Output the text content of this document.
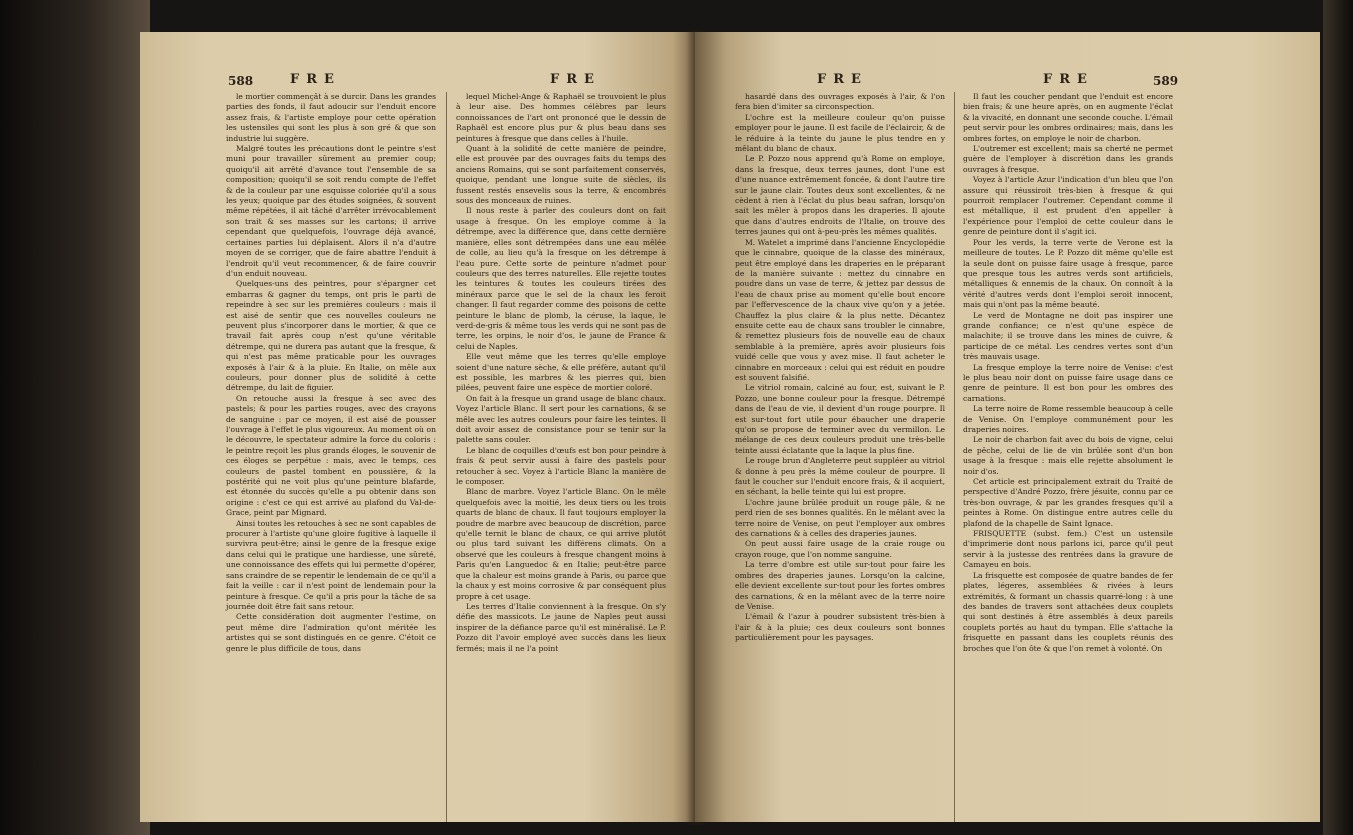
588	FRE	FRE

le mortier commençât à se durcir. Dans les grandes parties des fonds, il faut adoucir sur l'enduit encore assez frais, & l'artiste employe pour cette opération les ustensiles qui sont les plus à son gré & que son industrie lui suggère.

Malgré toutes les précautions dont le peintre s'est muni pour travailler sûrement au premier coup; quoiqu'il ait arrêté d'avance tout l'ensemble de sa composition; quoiqu'il se soit rendu compte de l'effet & de la couleur par une esquisse coloriée qu'il a sous les yeux; quoique par des études soignées, & souvent même répétées, il ait tâché d'arrêter irrévocablement son trait & ses masses sur les cartons; il arrive cependant que quelquefois, l'ouvrage déjà avancé, certaines parties lui déplaisent. Alors il n'a d'autre moyen de se corriger, que de faire abattre l'enduit à l'endroit qu'il veut recommencer, & de faire couvrir d'un enduit nouveau.

Quelques-uns des peintres, pour s'épargner cet embarras & gagner du temps, ont pris le parti de repeindre à sec sur les premières couleurs : mais il est aisé de sentir que ces nouvelles couleurs ne peuvent plus s'incorporer dans le mortier, & que ce travail fait après coup n'est qu'une véritable détrempe, qui ne durera pas autant que la fresque, & qui n'est pas même praticable pour les ouvrages exposés à l'air & à la pluie. En Italie, on mêle aux couleurs, pour donner plus de solidité à cette détrempe, du lait de figuier.

On retouche aussi la fresque à sec avec des pastels; & pour les parties rouges, avec des crayons de sanguine : par ce moyen, il est aisé de pousser l'ouvrage à l'effet le plus vigoureux. Au moment où on le découvre, le spectateur admire la force du coloris : le peintre reçoit les plus grands éloges, le souvenir de ces éloges se perpétue : mais, avec le temps, ces couleurs de pastel tombent en poussière, & la postérité qui ne voit plus qu'une peinture blafarde, est étonnée du succès qu'elle a pu obtenir dans son origine : c'est ce qui est arrivé au plafond du Val-de-Grace, peint par Mignard.

Ainsi toutes les retouches à sec ne sont capables de procurer à l'artiste qu'une gloire fugitive à laquelle il survivra peut-être; ainsi le genre de la fresque exige dans celui qui le pratique une hardiesse, une sûreté, une connoissance des effets qui lui permette d'opérer, sans craindre de se repentir le lendemain de ce qu'il a fait la veille : car il n'est point de lendemain pour la peinture à fresque. Ce qu'il a pris pour la tâche de sa journée doit être fait sans retour.

Cette considération doit augmenter l'estime, on peut même dire l'admiration qu'ont méritée les artistes qui se sont distingués en ce genre. C'étoit ce genre le plus difficile de tous, dans

lequel Michel-Ange & Raphaël se trouvoient le plus à leur aise. Des hommes célèbres par leurs connoissances de l'art ont prononcé que le dessin de Raphaël est encore plus pur & plus beau dans ses peintures à fresque que dans celles à l'huile.

Quant à la solidité de cette manière de peindre, elle est prouvée par des ouvrages faits du temps des anciens Romains, qui se sont parfaitement conservés, quoique, pendant une longue suite de siècles, ils fussent restés ensevelis sous la terre, & encombrés sous des monceaux de ruines.

Il nous reste à parler des couleurs dont on fait usage à fresque. On les employe comme à la détrempe, avec la différence que, dans cette dernière manière, elles sont détrempées dans une eau mêlée de colle, au lieu qu'à la fresque on les détrempe à l'eau pure. Cette sorte de peinture n'admet pour couleurs que des terres naturelles. Elle rejette toutes les teintures & toutes les couleurs tirées des minéraux parce que le sel de la chaux les feroit changer. Il faut regarder comme des poisons de cette peinture le blanc de plomb, la céruse, la laque, le verd-de-gris & même tous les verds qui ne sont pas de terre, les orpins, le noir d'os, le jaune de France & celui de Naples.

Elle veut même que les terres qu'elle employe soient d'une nature sèche, & elle préfère, autant qu'il est possible, les marbres & les pierres qui, bien pilées, peuvent faire une espèce de mortier coloré.

On fait à la fresque un grand usage de blanc chaux. Voyez l'article Blanc. Il sert pour les carnations, & se mêle avec les autres couleurs pour faire les teintes. Il doit avoir assez de consistance pour se tenir sur la palette sans couler.

Le blanc de coquilles d'œufs est bon pour peindre à frais & peut servir aussi à faire des pastels pour retoucher à sec. Voyez à l'article Blanc la manière de le composer.

Blanc de marbre. Voyez l'article Blanc. On le mêle quelquefois avec la moitié, les deux tiers ou les trois quarts de blanc de chaux. Il faut toujours employer la poudre de marbre avec beaucoup de discrétion, parce qu'elle ternit le blanc de chaux, ce qui arrive plutôt ou plus tard suivant les différens climats. On a observé que les couleurs à fresque changent moins à Paris qu'en Languedoc & en Italie; peut-être parce que la chaleur est moins grande à Paris, ou parce que la chaux y est moins corrosive & par conséquent plus propre à cet usage.

Les terres d'Italie conviennent à la fresque. On s'y défie des massicots. Le jaune de Naples peut aussi inspirer de la défiance parce qu'il est minéralisé. Le P. Pozzo dit l'avoir employé avec succès dans les lieux fermés; mais il ne l'a point

FRE	FRE	589

hasardé dans des ouvrages exposés à l'air, & l'on fera bien d'imiter sa circonspection.

L'ochre est la meilleure couleur qu'on puisse employer pour le jaune. Il est facile de l'éclaircir, & de le réduire à la teinte du jaune le plus tendre en y mêlant du blanc de chaux.

Le P. Pozzo nous apprend qu'à Rome on employe, dans la fresque, deux terres jaunes, dont l'une est d'une nuance extrêmement foncée, & dont l'autre tire sur le jaune clair. Toutes deux sont excellentes, & ne cèdent à rien à l'éclat du plus beau safran, lorsqu'on sait les mêler à propos dans les draperies. Il ajoute que dans d'autres endroits de l'Italie, on trouve des terres jaunes qui ont à-peu-près les mêmes qualités.

M. Watelet a imprimé dans l'ancienne Encyclopédie que le cinnabre, quoique de la classe des minéraux, peut être employé dans les draperies en le préparant de la manière suivante : mettez du cinnabre en poudre dans un vase de terre, & jettez par dessus de l'eau de chaux prise au moment qu'elle bout encore par l'effervescence de la chaux vive qu'on y a jetée. Chauffez la plus claire & la plus nette. Décantez ensuite cette eau de chaux sans troubler le cinnabre, & remettez plusieurs fois de nouvelle eau de chaux semblable à la première, après avoir plusieurs fois vuidé celle que vous y avez mise. Il faut acheter le cinnabre en morceaux : celui qui est réduit en poudre est souvent falsifié.

Le vitriol romain, calciné au four, est, suivant le P. Pozzo, une bonne couleur pour la fresque. Détrempé dans de l'eau de vie, il devient d'un rouge pourpre. Il est sur-tout fort utile pour ébaucher une draperie qu'on se propose de terminer avec du vermillon. Le mélange de ces deux couleurs produit une très-belle teinte aussi éclatante que la laque la plus fine.

Le rouge brun d'Angleterre peut suppléer au vitriol & donne à peu près la même couleur de pourpre. Il faut le coucher sur l'enduit encore frais, & il acquiert, en séchant, la belle teinte qui lui est propre.

L'ochre jaune brûlée produit un rouge pâle, & ne perd rien de ses bonnes qualités. En le mêlant avec la terre noire de Venise, on peut l'employer aux ombres des carnations & à celles des draperies jaunes.

On peut aussi faire usage de la craie rouge ou crayon rouge, que l'on nomme sanguine.

La terre d'ombre est utile sur-tout pour faire les ombres des draperies jaunes. Lorsqu'on la calcine, elle devient excellente sur-tout pour les fortes ombres des carnations, & en la mêlant avec de la terre noire de Venise.

L'émail & l'azur à poudrer subsistent très-bien à l'air & à la pluie; ces deux couleurs sont bonnes particulièrement pour les paysages.

Il faut les coucher pendant que l'enduit est encore bien frais; & une heure après, on en augmente l'éclat & la vivacité, en donnant une seconde couche. L'émail peut servir pour les ombres ordinaires; mais, dans les ombres fortes, on employe le noir de charbon.

L'outremer est excellent; mais sa cherté ne permet guère de l'employer à discrétion dans les grands ouvrages à fresque.

Voyez à l'article Azur l'indication d'un bleu que l'on assure qui réussiroit très-bien à fresque & qui pourroit remplacer l'outremer. Cependant comme il est métallique, il est prudent d'en appeller à l'expérience pour l'emploi de cette couleur dans le genre de peinture dont il s'agit ici.

Pour les verds, la terre verte de Verone est la meilleure de toutes. Le P. Pozzo dit même qu'elle est la seule dont on puisse faire usage à fresque, parce que presque tous les autres verds sont artificiels, métalliques & ennemis de la chaux. On connoît à la vérité d'autres verds dont l'emploi seroit innocent, mais qui n'ont pas la même beauté.

Le verd de Montagne ne doit pas inspirer une grande confiance; ce n'est qu'une espèce de malachite; il se trouve dans les mines de cuivre, & participe de ce métal. Les cendres vertes sont d'un très mauvais usage.

La fresque employe la terre noire de Venise: c'est le plus beau noir dont on puisse faire usage dans ce genre de peinture. Il est bon pour les ombres des carnations.

La terre noire de Rome ressemble beaucoup à celle de Venise. On l'employe communément pour les draperies noires.

Le noir de charbon fait avec du bois de vigne, celui de pêche, celui de lie de vin brûlée sont d'un bon usage à la fresque : mais elle rejette absolument le noir d'os.

Cet article est principalement extrait du Traité de perspective d'André Pozzo, frère jésuite, connu par ce très-bon ouvrage, & par les grandes fresques qu'il a peintes à Rome. On distingue entre autres celle du plafond de la chapelle de Saint Ignace.

FRISQUETTE (subst. fem.) C'est un ustensile d'imprimerie dont nous parlons ici, parce qu'il peut servir à la justesse des rentrées dans la gravure de Camayeu en bois.

La frisquette est composée de quatre bandes de fer plates, légeres, assemblées & rivées à leurs extrémités, & formant un chassis quarré-long : à une des bandes de travers sont attachées deux couplets qui sont destinés à être assemblés à deux pareils couplets portés au haut du tympan. Elle s'attache la frisquette en passant dans les couplets réunis des broches que l'on ôte & que l'on remet à volonté. On
